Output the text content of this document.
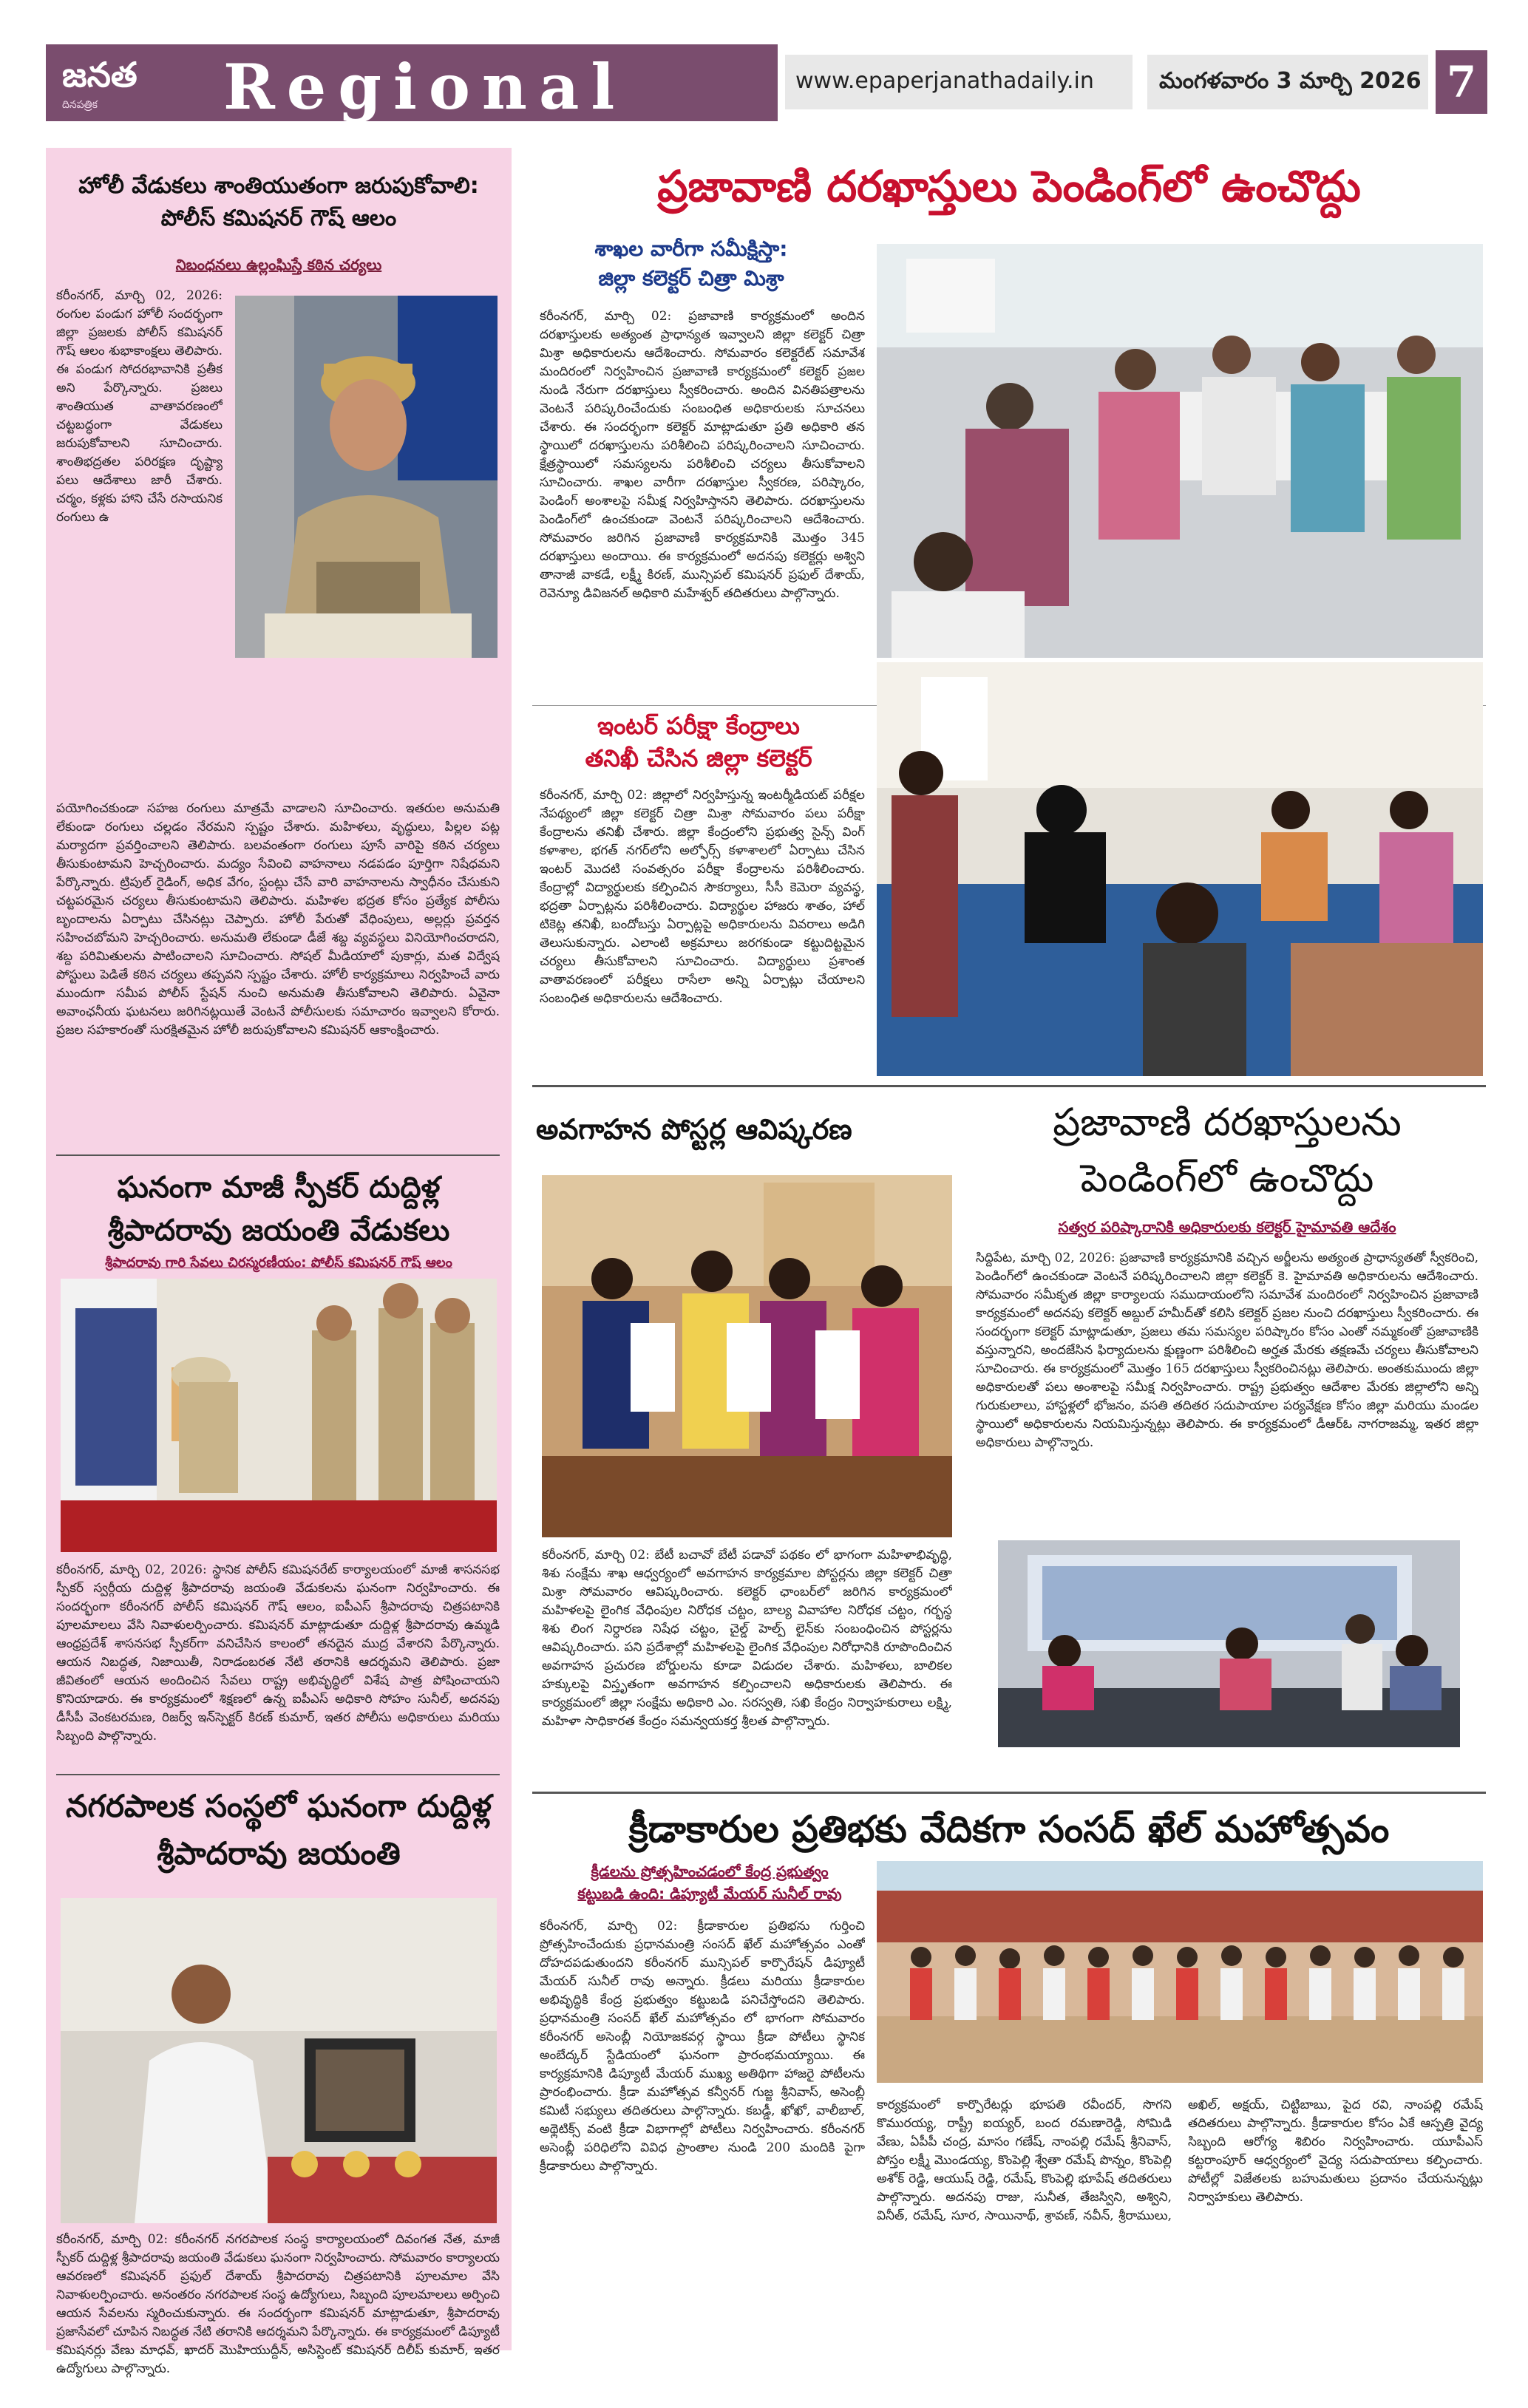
జనత
దినపత్రిక Regional	www.epaperjanathadaily.in	మంగళవారం 3 మార్చి 2026 7
హోలీ వేడుకలు శాంతియుతంగా జరుపుకోవాలి: పోలీస్ కమిషనర్ గౌష్ ఆలం
నిబంధనలు ఉల్లంఘిస్తే కఠిన చర్యలు
కరీంనగర్, మార్చి 02, 2026: రంగుల పండుగ హోలీ సందర్భంగా జిల్లా ప్రజలకు పోలీస్ కమిషనర్ గౌష్ ఆలం శుభాకాంక్షలు తెలిపారు. ఈ పండుగ సోదరభావానికి ప్రతీక అని పేర్కొన్నారు. ప్రజలు శాంతియుత వాతావరణంలో చట్టబద్ధంగా వేడుకలు జరుపుకోవాలని సూచించారు. శాంతిభద్రతల పరిరక్షణ దృష్ట్యా పలు ఆదేశాలు జారీ చేశారు. చర్మం, కళ్లకు హాని చేసే రసాయనిక రంగులు ఉ
పయోగించకుండా సహజ రంగులు మాత్రమే వాడాలని సూచించారు. ఇతరుల అనుమతి లేకుండా రంగులు చల్లడం నేరమని స్పష్టం చేశారు. మహిళలు, వృద్ధులు, పిల్లల పట్ల మర్యాదగా ప్రవర్తించాలని తెలిపారు. బలవంతంగా రంగులు పూసే వారిపై కఠిన చర్యలు తీసుకుంటామని హెచ్చరించారు. మద్యం సేవించి వాహనాలు నడపడం పూర్తిగా నిషేధమని పేర్కొన్నారు. ట్రిపుల్ రైడింగ్, అధిక వేగం, స్టంట్లు చేసే వారి వాహనాలను స్వాధీనం చేసుకుని చట్టపరమైన చర్యలు తీసుకుంటామని తెలిపారు. మహిళల భద్రత కోసం ప్రత్యేక పోలీసు బృందాలను ఏర్పాటు చేసినట్లు చెప్పారు. హోలీ పేరుతో వేధింపులు, అల్లర్లు ప్రవర్తన సహించబోమని హెచ్చరించారు. అనుమతి లేకుండా డీజే శబ్ద వ్యవస్థలు వినియోగించరాదని, శబ్ద పరిమితులను పాటించాలని సూచించారు. సోషల్ మీడియాలో పుకార్లు, మత విద్వేష పోస్టులు పెడితే కఠిన చర్యలు తప్పవని స్పష్టం చేశారు. హోలీ కార్యక్రమాలు నిర్వహించే వారు ముందుగా సమీప పోలీస్ స్టేషన్ నుంచి అనుమతి తీసుకోవాలని తెలిపారు. ఏవైనా అవాంఛనీయ ఘటనలు జరిగినట్లయితే వెంటనే పోలీసులకు సమాచారం ఇవ్వాలని కోరారు. ప్రజల సహకారంతో సురక్షితమైన హోలీ జరుపుకోవాలని కమిషనర్ ఆకాంక్షించారు.
ఘనంగా మాజీ స్పీకర్ దుద్దిళ్ల శ్రీపాదరావు జయంతి వేడుకలు
శ్రీపాదరావు గారి సేవలు చిరస్మరణీయం: పోలీస్ కమిషనర్ గౌష్ ఆలం
కరీంనగర్, మార్చి 02, 2026: స్థానిక పోలీస్ కమిషనరేట్ కార్యాలయంలో మాజీ శాసనసభ స్పీకర్ స్వర్గీయ దుద్దిళ్ల శ్రీపాదరావు జయంతి వేడుకలను ఘనంగా నిర్వహించారు. ఈ సందర్భంగా కరీంనగర్ పోలీస్ కమిషనర్ గౌష్ ఆలం, ఐపీఎస్ శ్రీపాదరావు చిత్రపటానికి పూలమాలలు వేసి నివాళులర్పించారు. కమిషనర్ మాట్లాడుతూ దుద్దిళ్ల శ్రీపాదరావు ఉమ్మడి ఆంధ్రప్రదేశ్ శాసనసభ స్పీకర్‌గా వనిచేసిన కాలంలో తనదైన ముద్ర వేశారని పేర్కొన్నారు. ఆయన నిబద్ధత, నిజాయితీ, నిరాడంబరత నేటి తరానికి ఆదర్శమని తెలిపారు. ప్రజా జీవితంలో ఆయన అందించిన సేవలు రాష్ట్ర అభివృద్ధిలో విశేష పాత్ర పోషించాయని కొనియాడారు. ఈ కార్యక్రమంలో శిక్షణలో ఉన్న ఐపీఎస్ అధికారి సోహం సునీల్, అదనపు డీసీపీ వెంకటరమణ, రిజర్వ్ ఇన్‌స్పెక్టర్ కిరణ్ కుమార్, ఇతర పోలీసు అధికారులు మరియు సిబ్బంది పాల్గొన్నారు.
నగరపాలక సంస్థలో ఘనంగా దుద్దిళ్ల శ్రీపాదరావు జయంతి
కరీంనగర్, మార్చి 02: కరీంనగర్ నగరపాలక సంస్థ కార్యాలయంలో దివంగత నేత, మాజీ స్పీకర్ దుద్దిళ్ల శ్రీపాదరావు జయంతి వేడుకలు ఘనంగా నిర్వహించారు. సోమవారం కార్యాలయ ఆవరణలో కమిషనర్ ప్రఫుల్ దేశాయ్ శ్రీపాదరావు చిత్రపటానికి పూలమాల వేసి నివాళులర్పించారు. అనంతరం నగరపాలక సంస్థ ఉద్యోగులు, సిబ్బంది పూలమాలలు అర్పించి ఆయన సేవలను స్మరించుకున్నారు. ఈ సందర్భంగా కమిషనర్ మాట్లాడుతూ, శ్రీపాదరావు ప్రజాసేవలో చూపిన నిబద్ధత నేటి తరానికి ఆదర్శమని పేర్కొన్నారు. ఈ కార్యక్రమంలో డిప్యూటీ కమిషనర్లు వేణు మాధవ్, ఖాదర్ మొహియుద్దీన్, అసిస్టెంట్ కమిషనర్ దిలీప్ కుమార్, ఇతర ఉద్యోగులు పాల్గొన్నారు.
ప్రజావాణి దరఖాస్తులు పెండింగ్‌లో ఉంచొద్దు
శాఖల వారీగా సమీక్షిస్తా:
జిల్లా కలెక్టర్ చిత్రా మిశ్రా
కరీంనగర్, మార్చి 02: ప్రజావాణి కార్యక్రమంలో అందిన దరఖాస్తులకు అత్యంత ప్రాధాన్యత ఇవ్వాలని జిల్లా కలెక్టర్ చిత్రా మిశ్రా అధికారులను ఆదేశించారు. సోమవారం కలెక్టరేట్ సమావేశ మందిరంలో నిర్వహించిన ప్రజావాణి కార్యక్రమంలో కలెక్టర్ ప్రజల నుండి నేరుగా దరఖాస్తులు స్వీకరించారు. అందిన వినతిపత్రాలను వెంటనే పరిష్కరించేందుకు సంబంధిత అధికారులకు సూచనలు చేశారు. ఈ సందర్భంగా కలెక్టర్ మాట్లాడుతూ ప్రతి అధికారి తన స్థాయిలో దరఖాస్తులను పరిశీలించి పరిష్కరించాలని సూచించారు. క్షేత్రస్థాయిలో సమస్యలను పరిశీలించి చర్యలు తీసుకోవాలని సూచించారు. శాఖల వారీగా దరఖాస్తుల స్వీకరణ, పరిష్కారం, పెండింగ్ అంశాలపై సమీక్ష నిర్వహిస్తానని తెలిపారు. దరఖాస్తులను పెండింగ్‌లో ఉంచకుండా వెంటనే పరిష్కరించాలని ఆదేశించారు. సోమవారం జరిగిన ప్రజావాణి కార్యక్రమానికి మొత్తం 345 దరఖాస్తులు అందాయి. ఈ కార్యక్రమంలో అదనపు కలెక్టర్లు అశ్విని తానాజీ వాకడే, లక్ష్మీ కిరణ్, మున్సిపల్ కమిషనర్ ప్రఫుల్ దేశాయ్, రెవెన్యూ డివిజనల్ అధికారి మహేశ్వర్ తదితరులు పాల్గొన్నారు.
ఇంటర్ పరీక్షా కేంద్రాలు
తనిఖీ చేసిన జిల్లా కలెక్టర్
కరీంనగర్, మార్చి 02: జిల్లాలో నిర్వహిస్తున్న ఇంటర్మీడియట్ పరీక్షల నేపథ్యంలో జిల్లా కలెక్టర్ చిత్రా మిశ్రా సోమవారం పలు పరీక్షా కేంద్రాలను తనిఖీ చేశారు. జిల్లా కేంద్రంలోని ప్రభుత్వ సైన్స్ వింగ్ కళాశాల, భగత్ నగర్‌లోని అల్ఫోర్స్ కళాశాలలో ఏర్పాటు చేసిన ఇంటర్ మొదటి సంవత్సరం పరీక్షా కేంద్రాలను పరిశీలించారు. కేంద్రాల్లో విద్యార్థులకు కల్పించిన సౌకర్యాలు, సీసీ కెమెరా వ్యవస్థ, భద్రతా ఏర్పాట్లను పరిశీలించారు. విద్యార్థుల హాజరు శాతం, హాల్ టికెట్ల తనిఖీ, బందోబస్తు ఏర్పాట్లపై అధికారులను వివరాలు అడిగి తెలుసుకున్నారు. ఎలాంటి అక్రమాలు జరగకుండా కట్టుదిట్టమైన చర్యలు తీసుకోవాలని సూచించారు. విద్యార్థులు ప్రశాంత వాతావరణంలో పరీక్షలు రాసేలా అన్ని ఏర్పాట్లు చేయాలని సంబంధిత అధికారులను ఆదేశించారు.
అవగాహన పోస్టర్ల ఆవిష్కరణ
కరీంనగర్, మార్చి 02: బేటీ బచావో బేటీ పడావో పథకం లో భాగంగా మహిళాభివృద్ధి, శిశు సంక్షేమ శాఖ ఆధ్వర్యంలో అవగాహన కార్యక్రమాల పోస్టర్లను జిల్లా కలెక్టర్ చిత్రా మిశ్రా సోమవారం ఆవిష్కరించారు. కలెక్టర్ ఛాంబర్‌లో జరిగిన కార్యక్రమంలో మహిళలపై లైంగిక వేధింపుల నిరోధక చట్టం, బాల్య వివాహాల నిరోధక చట్టం, గర్భస్థ శిశు లింగ నిర్ధారణ నిషేధ చట్టం, చైల్డ్ హెల్ప్ లైన్‌కు సంబంధించిన పోస్టర్లను ఆవిష్కరించారు. పని ప్రదేశాల్లో మహిళలపై లైంగిక వేధింపుల నిరోధానికి రూపొందించిన అవగాహన ప్రచురణ బోర్డులను కూడా విడుదల చేశారు. మహిళలు, బాలికల హక్కులపై విస్తృతంగా అవగాహన కల్పించాలని అధికారులకు తెలిపారు. ఈ కార్యక్రమంలో జిల్లా సంక్షేమ అధికారి ఎం. సరస్వతి, సఖి కేంద్రం నిర్వాహకురాలు లక్ష్మి, మహిళా సాధికారత కేంద్రం సమన్వయకర్త శ్రీలత పాల్గొన్నారు.
ప్రజావాణి దరఖాస్తులను
పెండింగ్‌లో ఉంచొద్దు
సత్వర పరిష్కారానికి అధికారులకు కలెక్టర్ హైమావతి ఆదేశం
సిద్దిపేట, మార్చి 02, 2026: ప్రజావాణి కార్యక్రమానికి వచ్చిన అర్జీలను అత్యంత ప్రాధాన్యతతో స్వీకరించి, పెండింగ్‌లో ఉంచకుండా వెంటనే పరిష్కరించాలని జిల్లా కలెక్టర్ కె. హైమావతి అధికారులను ఆదేశించారు. సోమవారం సమీకృత జిల్లా కార్యాలయ సముదాయంలోని సమావేశ మందిరంలో నిర్వహించిన ప్రజావాణి కార్యక్రమంలో అదనపు కలెక్టర్ అబ్దుల్ హమీద్‌తో కలిసి కలెక్టర్ ప్రజల నుంచి దరఖాస్తులు స్వీకరించారు. ఈ సందర్భంగా కలెక్టర్ మాట్లాడుతూ, ప్రజలు తమ సమస్యల పరిష్కారం కోసం ఎంతో నమ్మకంతో ప్రజావాణికి వస్తున్నారని, అందజేసిన ఫిర్యాదులను క్షుణ్ణంగా పరిశీలించి అర్హత మేరకు తక్షణమే చర్యలు తీసుకోవాలని సూచించారు. ఈ కార్యక్రమంలో మొత్తం 165 దరఖాస్తులు స్వీకరించినట్లు తెలిపారు. అంతకుముందు జిల్లా అధికారులతో పలు అంశాలపై సమీక్ష నిర్వహించారు. రాష్ట్ర ప్రభుత్వం ఆదేశాల మేరకు జిల్లాలోని అన్ని గురుకులాలు, హాస్టళ్లలో భోజనం, వసతి తదితర సదుపాయాల పర్యవేక్షణ కోసం జిల్లా మరియు మండల స్థాయిలో అధికారులను నియమిస్తున్నట్లు తెలిపారు. ఈ కార్యక్రమంలో డీఆర్‌ఓ నాగరాజమ్మ, ఇతర జిల్లా అధికారులు పాల్గొన్నారు.
క్రీడాకారుల ప్రతిభకు వేదికగా సంసద్ ఖేల్ మహోత్సవం
క్రీడలను ప్రోత్సహించడంలో కేంద్ర ప్రభుత్వం
కట్టుబడి ఉంది: డిప్యూటీ మేయర్ సునీల్ రావు
కరీంనగర్, మార్చి 02: క్రీడాకారుల ప్రతిభను గుర్తించి ప్రోత్సహించేందుకు ప్రధానమంత్రి సంసద్ ఖేల్ మహోత్సవం ఎంతో దోహదపడుతుందని కరీంనగర్ మున్సిపల్ కార్పొరేషన్ డిప్యూటీ మేయర్ సునీల్ రావు అన్నారు. క్రీడలు మరియు క్రీడాకారుల అభివృద్ధికి కేంద్ర ప్రభుత్వం కట్టుబడి పనిచేస్తోందని తెలిపారు. ప్రధానమంత్రి సంసద్ ఖేల్ మహోత్సవం లో భాగంగా సోమవారం కరీంనగర్ అసెంబ్లీ నియోజకవర్గ స్థాయి క్రీడా పోటీలు స్థానిక అంబేద్కర్ స్టేడియంలో ఘనంగా ప్రారంభమయ్యాయి. ఈ కార్యక్రమానికి డిప్యూటీ మేయర్ ముఖ్య అతిథిగా హాజరై పోటీలను ప్రారంభించారు. క్రీడా మహోత్సవ కన్వీనర్ గుజ్జ శ్రీనివాస్, అసెంబ్లీ కమిటీ సభ్యులు తదితరులు పాల్గొన్నారు. కబడ్డీ, ఖోఖో, వాలీబాల్, అథ్లెటిక్స్ వంటి క్రీడా విభాగాల్లో పోటీలు నిర్వహించారు. కరీంనగర్ అసెంబ్లీ పరిధిలోని వివిధ ప్రాంతాల నుండి 200 మందికి పైగా క్రీడాకారులు పాల్గొన్నారు.
కార్యక్రమంలో కార్పొరేటర్లు భూపతి రవీందర్, సొగని కొమురయ్య, రాష్ట్రీ ఐయ్యర్, బంద రమణారెడ్డి, సోమిడి వేణు, ఏపీపీ చంద్ర, మాసం గణేష్, నాంపల్లి రమేష్ శ్రీనివాస్, పోస్తం లక్ష్మీ మొండయ్య, కొంపెల్లి శ్వేతా రమేష్ పొన్నం, కొంపెల్లి అశోక్ రెడ్డి, ఆయుష్ రెడ్డి, రమేష్, కొంపెల్లి భూపేష్ తదితరులు పాల్గొన్నారు. అదనపు రాజు, సునీత, తేజస్విని, అశ్విని, వినీత్, రమేష్, సూర, సాయినాథ్, శ్రావణ్, నవీన్, శ్రీరాములు, అఖిల్, అక్షయ్, చిట్టిబాబు, పైద రవి, నాంపల్లి రమేష్ తదితరులు పాల్గొన్నారు. క్రీడాకారుల కోసం ఏకే ఆస్పత్రి వైద్య సిబ్బంది ఆరోగ్య శిబిరం నిర్వహించారు. యూపీఎస్ కట్టరాంపూర్ ఆధ్వర్యంలో వైద్య సదుపాయాలు కల్పించారు. పోటీల్లో విజేతలకు బహుమతులు ప్రదానం చేయనున్నట్లు నిర్వాహకులు తెలిపారు.
